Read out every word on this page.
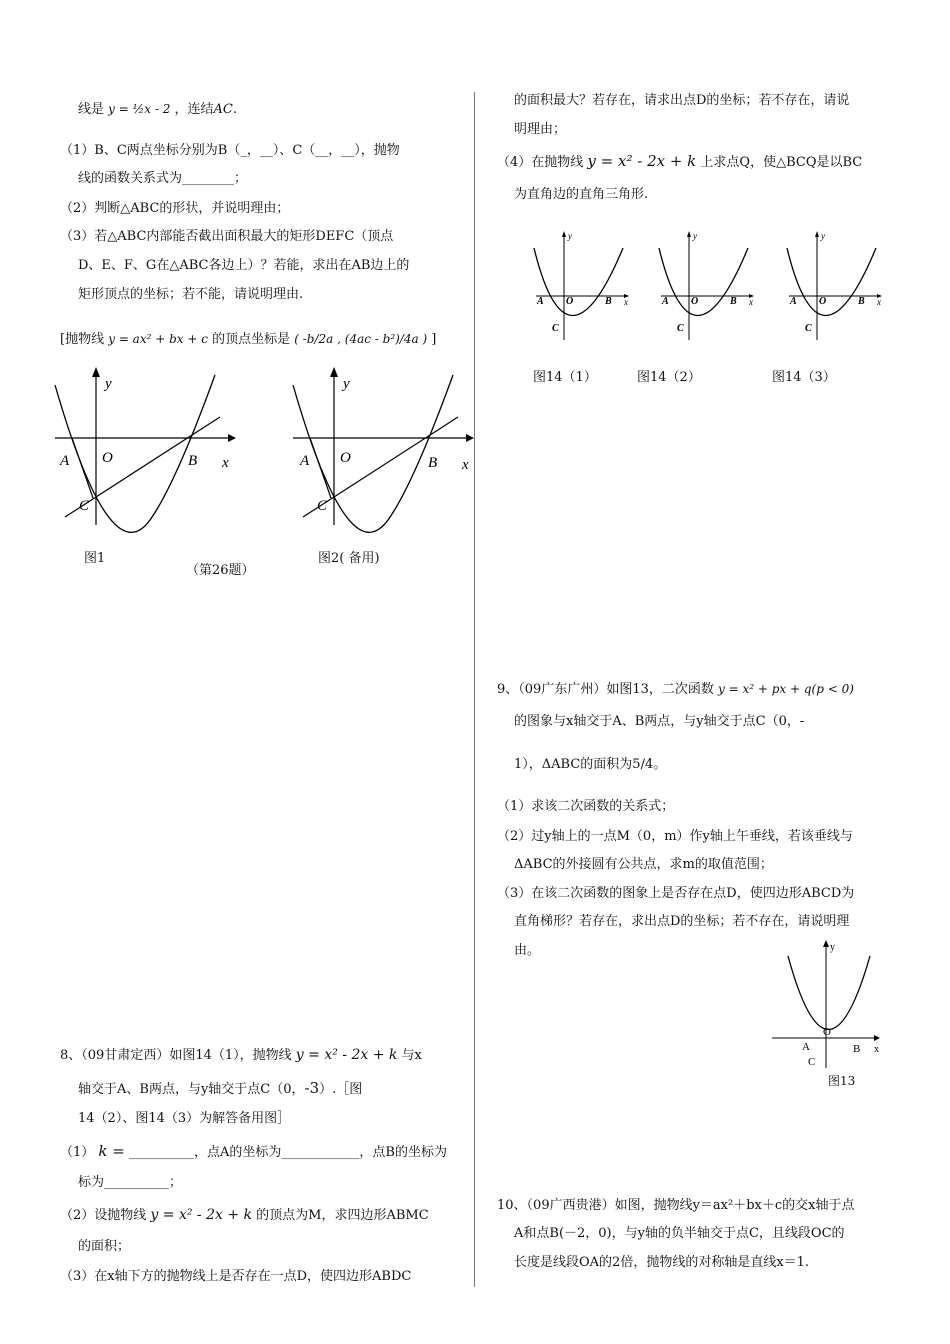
线是 y = ½x - 2 ，连结AC.
（1）B、C两点坐标分别为B（_，__）、C（__，__），抛物
线的函数关系式为________；
（2）判断△ABC的形状，并说明理由；
（3）若△ABC内部能否截出面积最大的矩形DEFC（顶点
D、E、F、G在△ABC各边上）？若能，求出在AB边上的
矩形顶点的坐标；若不能，请说明理由.
[抛物线 y = ax² + bx + c 的顶点坐标是 ( -b/2a , (4ac - b²)/4a ) ]
y
x
O
A	B
C
y
x
O
A	B
C
图1	图2( 备用)
（第26题）
8、（09甘肃定西）如图14（1），抛物线 y = x² - 2x + k 与x
轴交于A、B两点，与y轴交于点C（0，-3）.［图
14（2）、图14（3）为解答备用图］
（1） k = __________，点A的坐标为____________，点B的坐标为
标为__________；
（2）设抛物线 y = x² - 2x + k 的顶点为M，求四边形ABMC
的面积；
（3）在x轴下方的抛物线上是否存在一点D，使四边形ABDC
的面积最大？若存在，请求出点D的坐标；若不存在，请说
明理由；
（4）在抛物线 y = x² - 2x + k 上求点Q，使△BCQ是以BC
为直角边的直角三角形.
y
x
A O	B
C
y
x
A O	B
C
y
x
A O	B
C
图14（1）	图14（2）	图14（3）
9、（09广东广州）如图13，二次函数 y = x² + px + q(p < 0)
的图象与x轴交于A、B两点，与y轴交于点C（0，-
1），ΔABC的面积为5/4。
（1）求该二次函数的关系式；
（2）过y轴上的一点M（0，m）作y轴上午垂线，若该垂线与
ΔABC的外接圆有公共点，求m的取值范围；
（3）在该二次函数的图象上是否存在点D，使四边形ABCD为
直角梯形？若存在，求出点D的坐标；若不存在，请说明理
由。	y
x
O
A	B
C
图13
10、（09广西贵港）如图，抛物线y＝ax²＋bx＋c的交x轴于点
A和点B(－2，0)，与y轴的负半轴交于点C，且线段OC的
长度是线段OA的2倍，抛物线的对称轴是直线x＝1.
